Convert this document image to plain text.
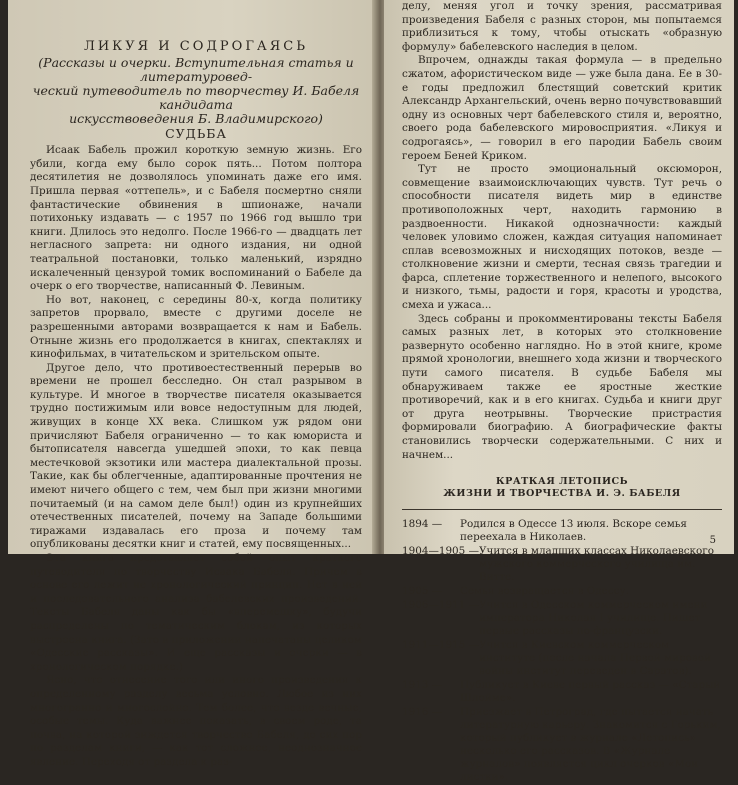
ЛИКУЯ И СОДРОГАЯСЬ
(Рассказы и очерки. Вступительная статья и литературовед-
ческий путеводитель по творчеству И. Бабеля кандидата
искусствоведения Б. Владимирского)
СУДЬБА

Исаак Бабель прожил короткую земную жизнь. Его убили, когда ему было сорок пять... Потом полтора десятилетия не дозволялось упоминать даже его имя. Пришла первая «оттепель», и с Бабеля посмертно сняли фантастические обвинения в шпионаже, начали потихоньку издавать — с 1957 по 1966 год вышло три книги. Длилось это недолго. После 1966-го — двадцать лет негласного запрета: ни одного издания, ни одной театральной постановки, только маленький, изрядно искалеченный цензурой томик воспоминаний о Бабеле да очерк о его творчестве, написанный Ф. Левиным.

Но вот, наконец, с середины 80-х, когда политику запретов прорвало, вместе с другими доселе не разрешенными авторами возвращается к нам и Бабель. Отныне жизнь его продолжается в книгах, спектаклях и кинофильмах, в читательском и зрительском опыте.

Другое дело, что противоестественный перерыв во времени не прошел бесследно. Он стал разрывом в культуре. И многое в творчестве писателя оказывается трудно постижимым или вовсе недоступным для людей, живущих в конце XX века. Слишком уж рядом они причисляют Бабеля ограниченно — то как юмориста и бытописателя навсегда ушедшей эпохи, то как певца местечковой экзотики или мастера диалектальной прозы. Такие, как бы облегченные, адаптированные прочтения не имеют ничего общего с тем, чем был при жизни многими почитаемый (и на самом деле был!) один из крупнейших отечественных писателей, почему на Западе большими тиражами издавалась его проза и почему там опубликованы десятки книг и статей, ему посвященных...

Эта книга представляет собой опыт краткого путеводителя по творчеству Исаака Бабеля. Причем в основе его лежит не хронологический принцип. Нет в ней и последовательного анализа бабелевских произведений. Тексты Бабеля даны как бы «вперемешку», будучи распределены по тематическим блокам, из которых выстроена книга. (Зато в приложении напечатаны целиком «Одесские рассказы». И еще рассказы и очерки — в хронологическом порядке.)

Ясно, что отнесение того или иного произведения к определенному разделу весьма условно. Любое из них многогранно и многослойно. Тем более, что везде вечные, особые темы. Куда важнее показать, в своем роде, та почва, на которой зиждется творчество Бабеля, до сих пор по разделам книги, — как тот сложное, неоднозначное явление. Переходя от раздела к раз-

делу, меняя угол и точку зрения, рассматривая произведения Бабеля с разных сторон, мы попытаемся приблизиться к тому, чтобы отыскать «образную формулу» бабелевского наследия в целом.

Впрочем, однажды такая формула — в предельно сжатом, афористическом виде — уже была дана. Ее в 30-е годы предложил блестящий советский критик Александр Архангельский, очень верно почувствовавший одну из основных черт бабелевского стиля и, вероятно, своего рода бабелевского мировосприятия. «Ликуя и содрогаясь», — говорил в его пародии Бабель своим героем Беней Криком.

Тут не просто эмоциональный оксюморон, совмещение взаимоисключающих чувств. Тут речь о способности писателя видеть мир в единстве противоположных черт, находить гармонию в раздвоенности. Никакой однозначности: каждый человек уловимо сложен, каждая ситуация напоминает сплав всевозможных и нисходящих потоков, везде — столкновение жизни и смерти, тесная связь трагедии и фарса, сплетение торжественного и нелепого, высокого и низкого, тьмы, радости и горя, красоты и уродства, смеха и ужаса...

Здесь собраны и прокомментированы тексты Бабеля самых разных лет, в которых это столкновение развернуто особенно наглядно. Но в этой книге, кроме прямой хронологии, внешнего хода жизни и творческого пути самого писателя. В судьбе Бабеля мы обнаруживаем также ее яростные жесткие противоречий, как и в его книгах. Судьба и книги друг от друга неотрывны. Творческие пристрастия формировали биографию. А биографические факты становились творчески содержательными. С них и начнем...

КРАТКАЯ ЛЕТОПИСЬ
ЖИЗНИ И ТВОРЧЕСТВА И. Э. БАБЕЛЯ
1894 —	Родился в Одессе 13 июля. Вскоре семья переехала в Николаев.
1904—1905 — Учится в младших классах Николаевского мужского коммерческого училища им. Витте.
1905 —	Семья возвращается в Одессу.
1906—1911 — Учится в Одесском коммерческом имени императора Николая I училище. Пишет первые рассказы по-французски.
1911—1915 — Учится в Киевском коммерческом институте (после начала Первой мировой войны институт переведен в Саратов).
1913 —	Публикует в Киеве первый рассказ — «Старый Шлойме».
1916 —	Приезжает в Петроград, где пытается начать литературную карьеру. Знакомится с Горьким, который публикует в журнале «Летопись» несколько его рассказов. В «Журнале журналов» появляется цикл очерков «Мои листки».
5
